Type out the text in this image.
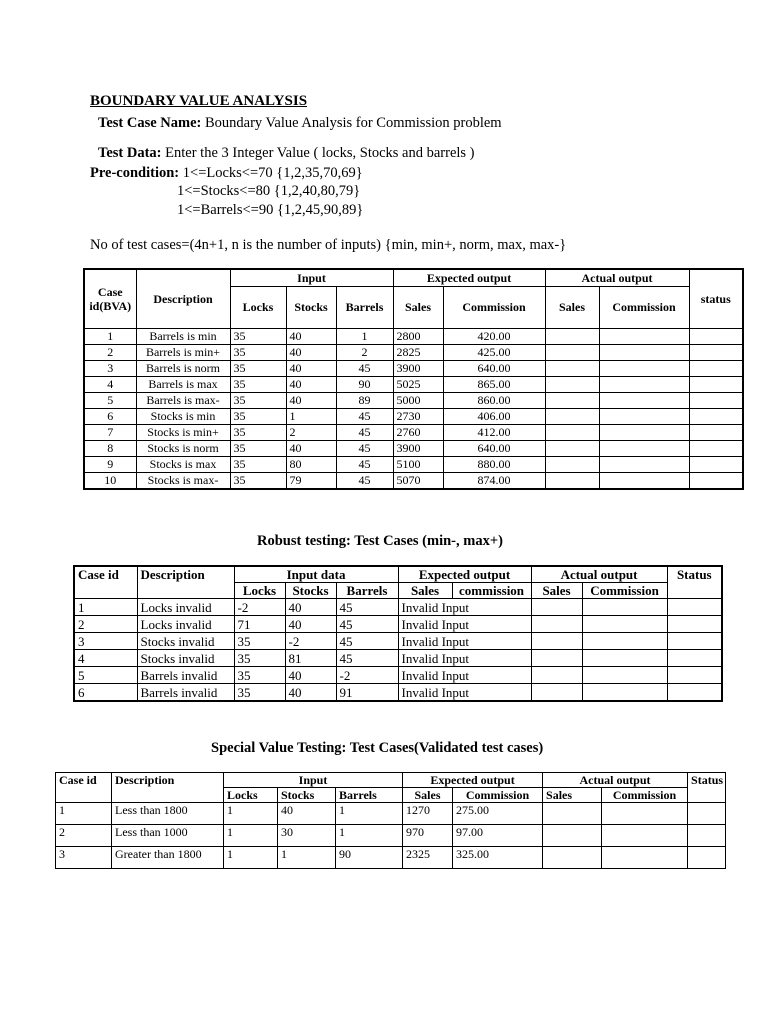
BOUNDARY VALUE ANALYSIS
Test Case Name: Boundary Value Analysis for Commission problem
Test Data: Enter the 3 Integer Value ( locks, Stocks and barrels )
Pre-condition: 1<=Locks<=70 {1,2,35,70,69}
1<=Stocks<=80 {1,2,40,80,79}
1<=Barrels<=90 {1,2,45,90,89}
No of test cases=(4n+1, n is the number of inputs) {min, min+, norm, max, max-}
Case id(BVA)	Description	Input			Expected output		Actual output		status
		Locks	Stocks	Barrels	Sales	Commission	Sales	Commission	
1	Barrels is min	35	40	1	2800	420.00			
2	Barrels is min+	35	40	2	2825	425.00			
3	Barrels is norm	35	40	45	3900	640.00			
4	Barrels is max	35	40	90	5025	865.00			
5	Barrels is max-	35	40	89	5000	860.00			
6	Stocks is min	35	1	45	2730	406.00			
7	Stocks is min+	35	2	45	2760	412.00			
8	Stocks is norm	35	40	45	3900	640.00			
9	Stocks is max	35	80	45	5100	880.00			
10	Stocks is max-	35	79	45	5070	874.00			
Robust testing: Test Cases (min-, max+)
Case id	Description	Input data			Expected output		Actual output		Status
		Locks	Stocks	Barrels	Sales	commission	Sales	Commission	
1	Locks invalid	-2	40	45	Invalid Input				
2	Locks invalid	71	40	45	Invalid Input				
3	Stocks invalid	35	-2	45	Invalid Input				
4	Stocks invalid	35	81	45	Invalid Input				
5	Barrels invalid	35	40	-2	Invalid Input				
6	Barrels invalid	35	40	91	Invalid Input				
Special Value Testing: Test Cases(Validated test cases)
Case id	Description	Input			Expected output		Actual output		Status
		Locks	Stocks	Barrels	Sales	Commission	Sales	Commission	
1	Less than 1800	1	40	1	1270	275.00			
2	Less than 1000	1	30	1	970	97.00			
3	Greater than 1800	1	1	90	2325	325.00			
